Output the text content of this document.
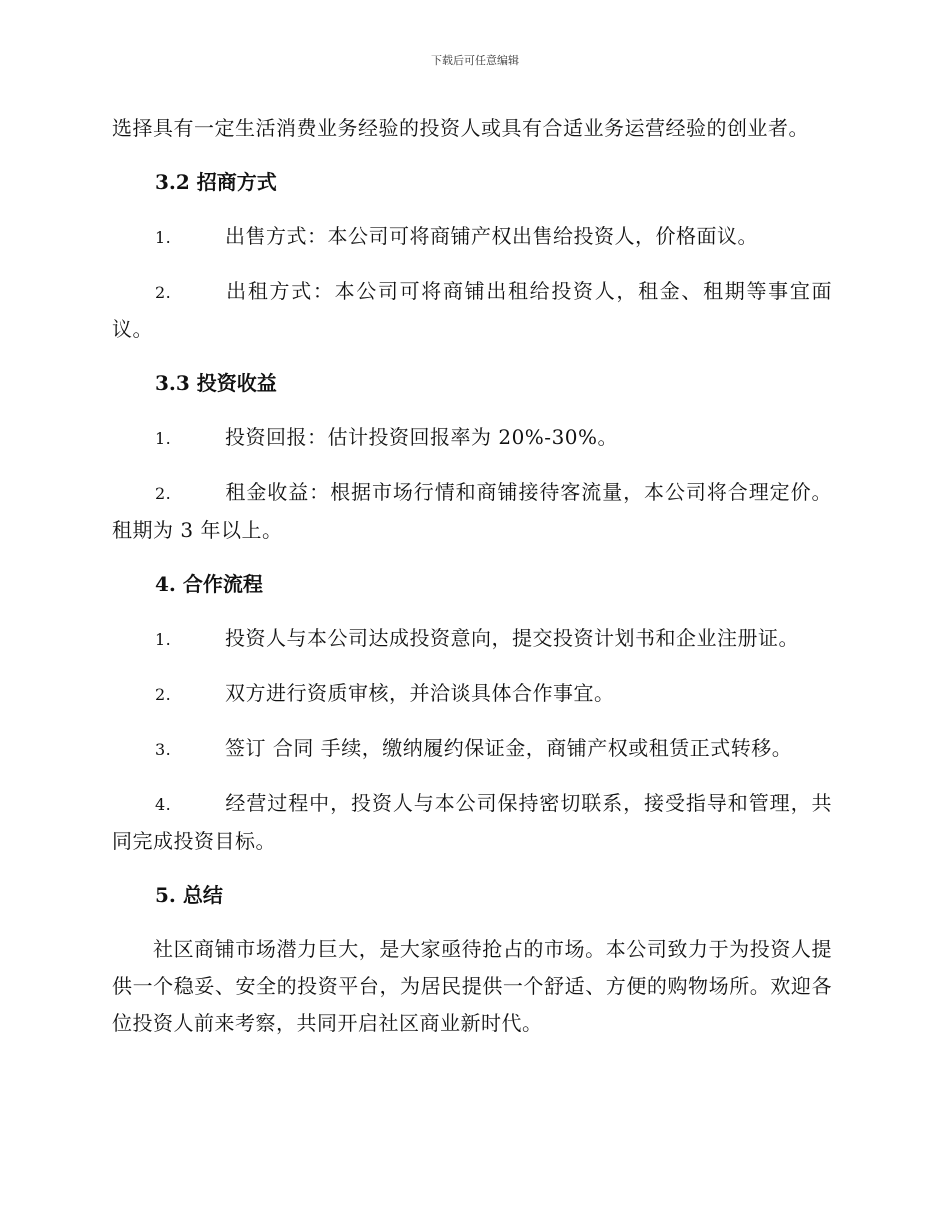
下载后可任意编辑

选择具有一定生活消费业务经验的投资人或具有合适业务运营经验的创业者。

3.2 招商方式

1.	出售方式：本公司可将商铺产权出售给投资人，价格面议。

2.	出租方式：本公司可将商铺出租给投资人，租金、租期等事宜面议。

3.3 投资收益

1.	投资回报：估计投资回报率为 20%-30%。

2.	租金收益：根据市场行情和商铺接待客流量，本公司将合理定价。租期为 3 年以上。

4. 合作流程

1.	投资人与本公司达成投资意向，提交投资计划书和企业注册证。

2.	双方进行资质审核，并洽谈具体合作事宜。

3.	签订 合同 手续，缴纳履约保证金，商铺产权或租赁正式转移。

4.	经营过程中，投资人与本公司保持密切联系，接受指导和管理，共同完成投资目标。

5. 总结

社区商铺市场潜力巨大，是大家亟待抢占的市场。本公司致力于为投资人提供一个稳妥、安全的投资平台，为居民提供一个舒适、方便的购物场所。欢迎各位投资人前来考察，共同开启社区商业新时代。
